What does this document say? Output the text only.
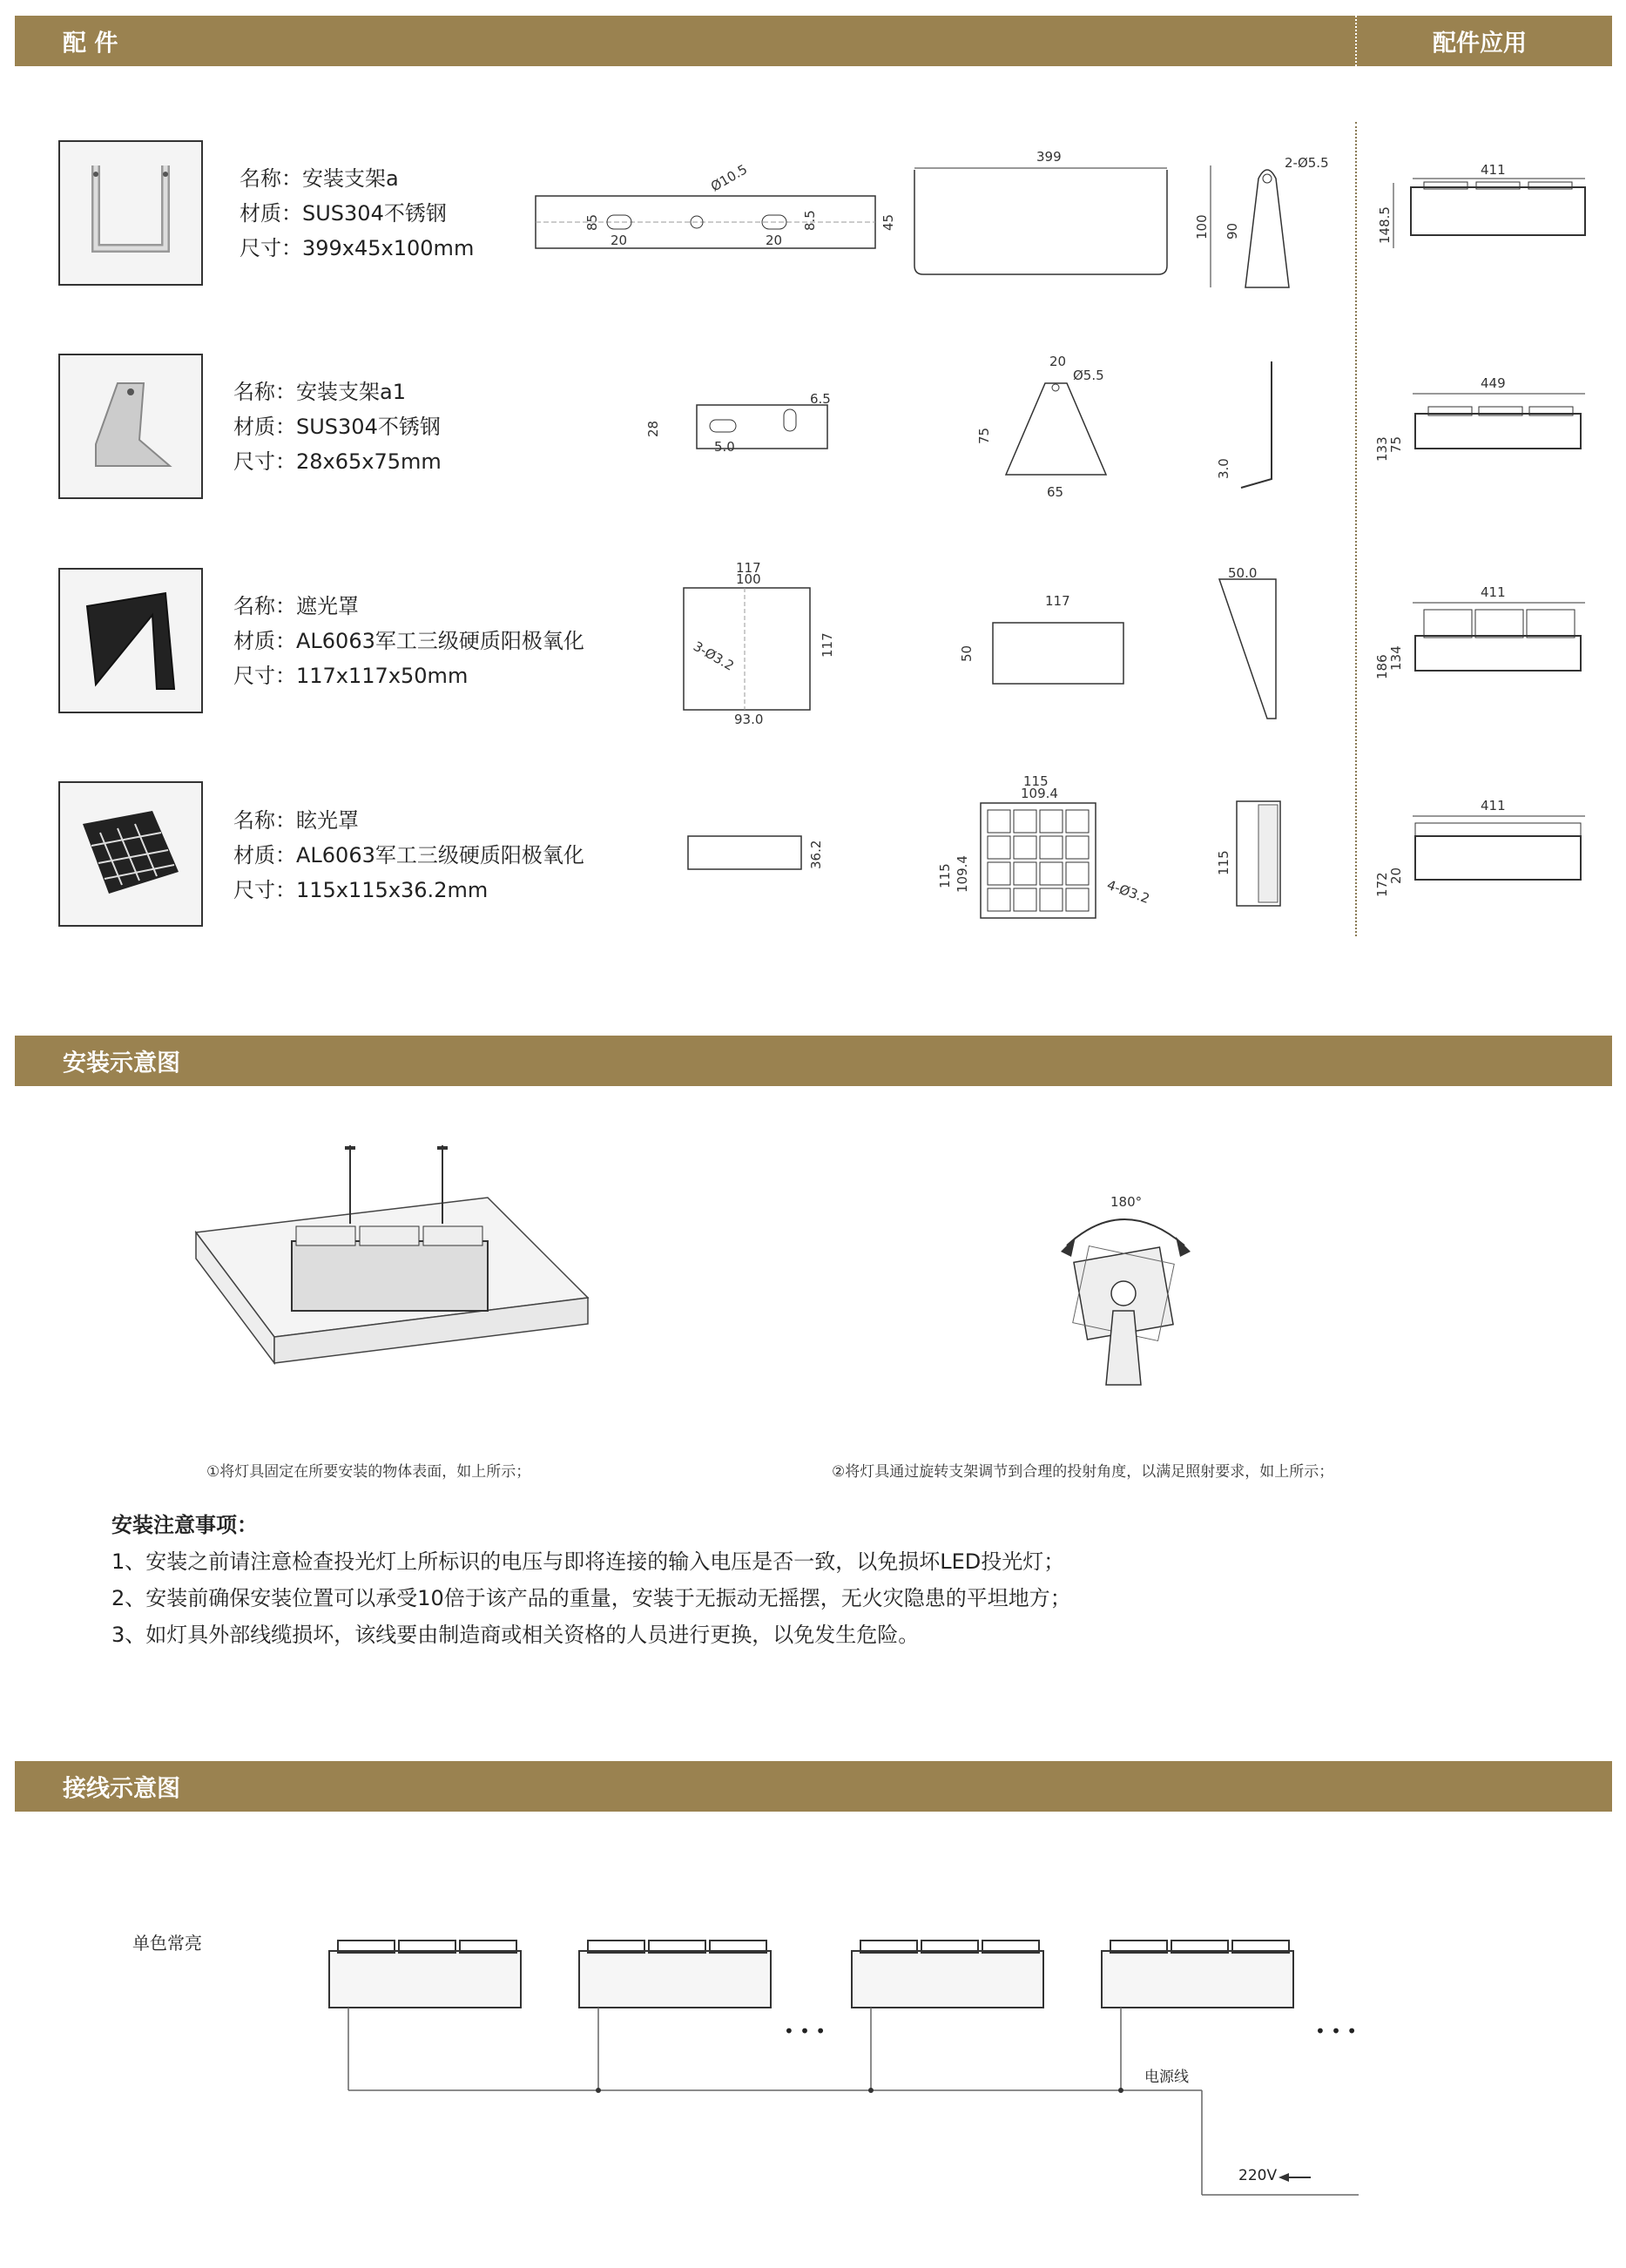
配 件	配件应用
安装示意图
接线示意图
名称：安装支架a
材质：SUS304不锈钢
尺寸：399x45x100mm
Ø10.5
20	20
85	8.5	45
399
100 90
2-Ø5.5	411
148.5
名称：安装支架a1
材质：SUS304不锈钢
尺寸：28x65x75mm
28
5.0
6.5
20
Ø5.5
75
65
3.0
449
133
75
名称：遮光罩
材质：AL6063军工三级硬质阳极氧化
尺寸：117x117x50mm
117
100
3-Ø3.2
93.0
117
117
50
50.0
411
186
134
名称：眩光罩
材质：AL6063军工三级硬质阳极氧化
尺寸：115x115x36.2mm
36.2
115
109.4
115 109.4	4-Ø3.2
115
411
172
20
180°
①将灯具固定在所要安装的物体表面，如上所示；	②将灯具通过旋转支架调节到合理的投射角度，以满足照射要求，如上所示；
安装注意事项：
1、安装之前请注意检查投光灯上所标识的电压与即将连接的输入电压是否一致，以免损坏LED投光灯；
2、安装前确保安装位置可以承受10倍于该产品的重量，安装于无振动无摇摆，无火灾隐患的平坦地方；
3、如灯具外部线缆损坏，该线要由制造商或相关资格的人员进行更换，以免发生危险。
单色常亮
• • •	• • •
电源线
220V
